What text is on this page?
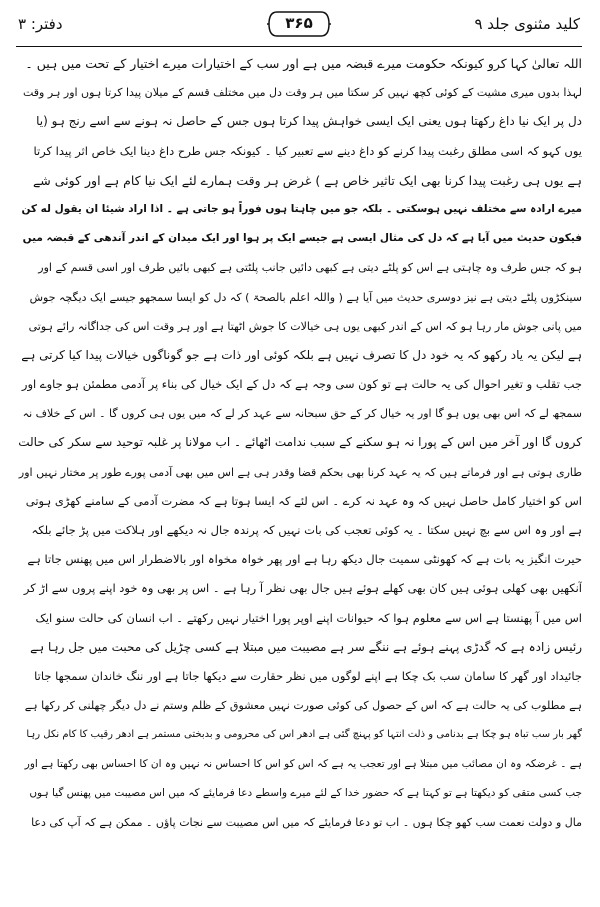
کلید مثنوی جلد ۹
۳۶۵
دفتر: ۳
اللہ تعالیٰ کہا کرو کیونکہ حکومت میرے قبضہ میں ہے اور سب کے اختیارات میرے اختیار کے تحت میں ہیں ۔
لہذا بدوں میری مشیت کے کوئی کچھ نہیں کر سکتا میں ہر وقت دل میں مختلف قسم کے میلان پیدا کرتا ہوں اور ہر وقت
دل پر ایک نیا داغ رکھتا ہوں یعنی ایک ایسی خواہش پیدا کرتا ہوں جس کے حاصل نہ ہونے سے اسے رنج ہو (یا
یوں کہو کہ اسی مطلق رغبت پیدا کرنے کو داغ دینے سے تعبیر کیا ۔ کیونکہ جس طرح داغ دینا ایک خاص اثر پیدا کرتا
ہے یوں ہی رغبت پیدا کرنا بھی ایک تاثیر خاص ہے ) غرض ہر وقت ہمارے لئے ایک نیا کام ہے اور کوئی شے
میرے ارادہ سے مختلف نہیں ہوسکتی ۔ بلکہ جو میں چاہتا ہوں فوراً ہو جاتی ہے ۔ اذا اراد شیئا ان یقول له کن
فیکون حدیث میں آیا ہے کہ دل کی مثال ایسی ہے جیسے ایک پر ہوا اور ایک میدان کے اندر آندھی کے قبضہ میں
ہو کہ جس طرف وہ چاہتی ہے اس کو پلٹے دیتی ہے کبھی دائیں جانب پلٹتی ہے کبھی بائیں طرف اور اسی قسم کے اور
سینکڑوں پلٹے دیتی ہے نیز دوسری حدیث میں آیا ہے ( واللہ اعلم بالصحۃ ) کہ دل کو ایسا سمجھو جیسے ایک دیگچہ جوش
میں پانی جوش مار رہا ہو کہ اس کے اندر کبھی یوں ہی خیالات کا جوش اٹھتا ہے اور ہر وقت اس کی جداگانہ رائے ہوتی
ہے لیکن یہ یاد رکھو کہ یہ خود دل کا تصرف نہیں ہے بلکہ کوئی اور ذات ہے جو گوناگوں خیالات پیدا کیا کرتی ہے
جب تقلب و تغیر احوال کی یہ حالت ہے تو کون سی وجہ ہے کہ دل کے ایک خیال کی بناء پر آدمی مطمئن ہو جاوے اور
سمجھ لے کہ اس بھی یوں ہو گا اور یہ خیال کر کے حق سبحانہ سے عہد کر لے کہ میں یوں ہی کروں گا ۔ اس کے خلاف نہ
کروں گا اور آخر میں اس کے پورا نہ ہو سکنے کے سبب ندامت اٹھائے ۔ اب مولانا پر غلبہ توحید سے سکر کی حالت
طاری ہوتی ہے اور فرماتے ہیں کہ یہ عہد کرنا بھی بحکم قضا وقدر ہی ہے اس میں بھی آدمی پورے طور پر مختار نہیں اور
اس کو اختیار کامل حاصل نہیں کہ وہ عہد نہ کرے ۔ اس لئے کہ ایسا ہوتا ہے کہ مضرت آدمی کے سامنے کھڑی ہوتی
ہے اور وہ اس سے بچ نہیں سکتا ۔ یہ کوئی تعجب کی بات نہیں کہ پرندہ جال نہ دیکھے اور ہلاکت میں پڑ جائے بلکہ
حیرت انگیز یہ بات ہے کہ کھونٹی سمیت جال دیکھ رہا ہے اور پھر خواہ مخواہ اور بالاضطرار اس میں پھنس جاتا ہے
آنکھیں بھی کھلی ہوئی ہیں کان بھی کھلے ہوئے ہیں جال بھی نظر آ رہا ہے ۔ اس پر بھی وہ خود اپنے پروں سے اڑ کر
اس میں آ پھنستا ہے اس سے معلوم ہوا کہ حیوانات اپنے اوپر پورا اختیار نہیں رکھتے ۔ اب انسان کی حالت سنو ایک
رئیس زادہ ہے کہ گدڑی پہنے ہوئے ہے ننگے سر ہے مصیبت میں مبتلا ہے کسی چڑیل کی محبت میں جل رہا ہے
جائیداد اور گھر کا سامان سب بک چکا ہے اپنے لوگوں میں نظر حقارت سے دیکھا جاتا ہے اور ننگ خاندان سمجھا جاتا
ہے مطلوب کی یہ حالت ہے کہ اس کے حصول کی کوئی صورت نہیں معشوق کے ظلم وستم نے دل دیگر چھلنی کر رکھا ہے
گھر بار سب تباہ ہو چکا ہے بدنامی و ذلت انتہا کو پہنچ گئی ہے ادھر اس کی محرومی و بدبختی مستمر ہے ادھر رقیب کا کام نکل رہا
ہے ۔ غرضکہ وہ ان مصائب میں مبتلا ہے اور تعجب یہ ہے کہ اس کو اس کا احساس نہ نہیں وہ ان کا احساس بھی رکھتا ہے اور
جب کسی متقی کو دیکھتا ہے تو کہتا ہے کہ حضور خدا کے لئے میرے واسطے دعا فرمایئے کہ میں اس مصیبت میں پھنس گیا ہوں
مال و دولت نعمت سب کھو چکا ہوں ۔ اب تو دعا فرمایئے کہ میں اس مصیبت سے نجات پاؤں ۔ ممکن ہے کہ آپ کی دعا
